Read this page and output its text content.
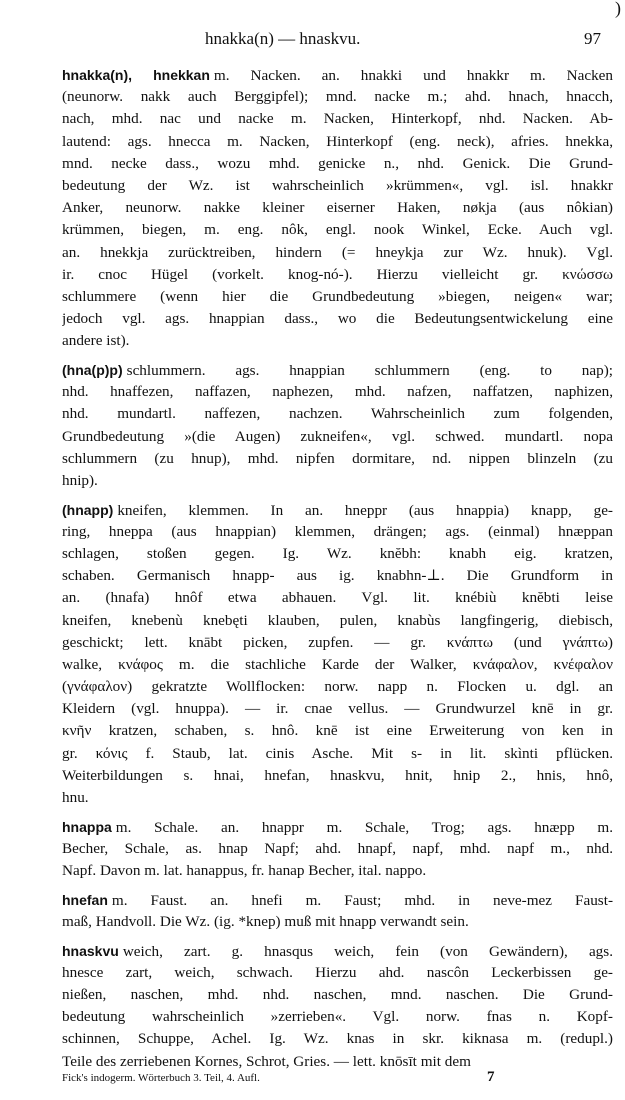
)
hnakka(n) — hnaskvu.	97
hnakka(n), hnekkan m. Nacken. an. hnakki und hnakkr m. Nacken
(neunorw. nakk auch Berggipfel); mnd. nacke m.; ahd. hnach, hnacch,
nach, mhd. nac und nacke m. Nacken, Hinterkopf, nhd. Nacken. Ab-
lautend: ags. hnecca m. Nacken, Hinterkopf (eng. neck), afries. hnekka,
mnd. necke dass., wozu mhd. genicke n., nhd. Genick. Die Grund-
bedeutung der Wz. ist wahrscheinlich »krümmen«, vgl. isl. hnakkr
Anker, neunorw. nakke kleiner eiserner Haken, nøkja (aus nôkian)
krümmen, biegen, m. eng. nôk, engl. nook Winkel, Ecke. Auch vgl.
an. hnekkja zurücktreiben, hindern (= hneykja zur Wz. hnuk). Vgl.
ir. cnoc Hügel (vorkelt. knog-nó-). Hierzu vielleicht gr. κνώσσω
schlummere (wenn hier die Grundbedeutung »biegen, neigen« war;
jedoch vgl. ags. hnappian dass., wo die Bedeutungsentwickelung eine
andere ist).
(hna(p)p) schlummern. ags. hnappian schlummern (eng. to nap);
nhd. hnaffezen, naffazen, naphezen, mhd. nafzen, naffatzen, naphizen,
nhd. mundartl. naffezen, nachzen. Wahrscheinlich zum folgenden,
Grundbedeutung »(die Augen) zukneifen«, vgl. schwed. mundartl. nopa
schlummern (zu hnup), mhd. nipfen dormitare, nd. nippen blinzeln (zu
hnip).
(hnapp) kneifen, klemmen. In an. hneppr (aus hnappia) knapp, ge-
ring, hneppa (aus hnappian) klemmen, drängen; ags. (einmal) hnæppan
schlagen, stoßen gegen. Ig. Wz. knĕbh: knabh eig. kratzen,
schaben. Germanisch hnapp- aus ig. knabhn-⊥. Die Grundform in
an. (hnafa) hnôf etwa abhauen. Vgl. lit. knébiù knĕbti leise
kneifen, knebenù knebęti klauben, pulen, knabùs langfingerig, diebisch,
geschickt; lett. knābt picken, zupfen. — gr. κνάπτω (und γνάπτω)
walke, κνάφος m. die stachliche Karde der Walker, κνάφαλον, κνέφαλον
(γνάφαλον) gekratzte Wollflocken: norw. napp n. Flocken u. dgl. an
Kleidern (vgl. hnuppa). — ir. cnae vellus. — Grundwurzel knē in gr.
κνῆν kratzen, schaben, s. hnô. knē ist eine Erweiterung von ken in
gr. κόνις f. Staub, lat. cinis Asche. Mit s- in lit. skìnti pflücken.
Weiterbildungen s. hnai, hnefan, hnaskvu, hnit, hnip 2., hnis, hnô,
hnu.
hnappa m. Schale. an. hnappr m. Schale, Trog; ags. hnæpp m.
Becher, Schale, as. hnap Napf; ahd. hnapf, napf, mhd. napf m., nhd.
Napf. Davon m. lat. hanappus, fr. hanap Becher, ital. nappo.
hnefan m. Faust. an. hnefi m. Faust; mhd. in neve-mez Faust-
maß, Handvoll. Die Wz. (ig. *knep) muß mit hnapp verwandt sein.
hnaskvu weich, zart. g. hnasqus weich, fein (von Gewändern), ags.
hnesce zart, weich, schwach. Hierzu ahd. nascôn Leckerbissen ge-
nießen, naschen, mhd. nhd. naschen, mnd. naschen. Die Grund-
bedeutung wahrscheinlich »zerrieben«. Vgl. norw. fnas n. Kopf-
schinnen, Schuppe, Achel. Ig. Wz. knas in skr. kiknasa m. (redupl.)
Teile des zerriebenen Kornes, Schrot, Gries. — lett. knōsīt mit dem
Fick's indogerm. Wörterbuch 3. Teil, 4. Aufl.	7
